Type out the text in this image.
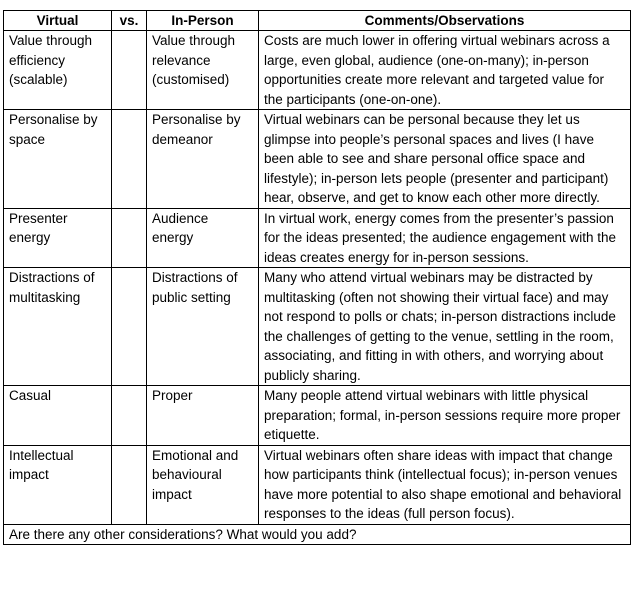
Virtual	vs.	In-Person	Comments/Observations
Value through efficiency (scalable)		Value through relevance (customised)	Costs are much lower in offering virtual webinars across a large, even global, audience (one-on-many); in-person opportunities create more relevant and targeted value for the participants (one-on-one).
Personalise by space		Personalise by demeanor	Virtual webinars can be personal because they let us glimpse into people’s personal spaces and lives (I have been able to see and share personal office space and lifestyle); in-person lets people (presenter and participant) hear, observe, and get to know each other more directly.
Presenter energy		Audience energy	In virtual work, energy comes from the presenter’s passion for the ideas presented; the audience engagement with the ideas creates energy for in-person sessions.
Distractions of multitasking		Distractions of public setting	Many who attend virtual webinars may be distracted by multitasking (often not showing their virtual face) and may not respond to polls or chats; in-person distractions include the challenges of getting to the venue, settling in the room, associating, and fitting in with others, and worrying about publicly sharing.
Casual		Proper	Many people attend virtual webinars with little physical preparation; formal, in-person sessions require more proper etiquette.
Intellectual impact		Emotional and behavioural impact	Virtual webinars often share ideas with impact that change how participants think (intellectual focus); in-person venues have more potential to also shape emotional and behavioral responses to the ideas (full person focus).
Are there any other considerations? What would you add?			
